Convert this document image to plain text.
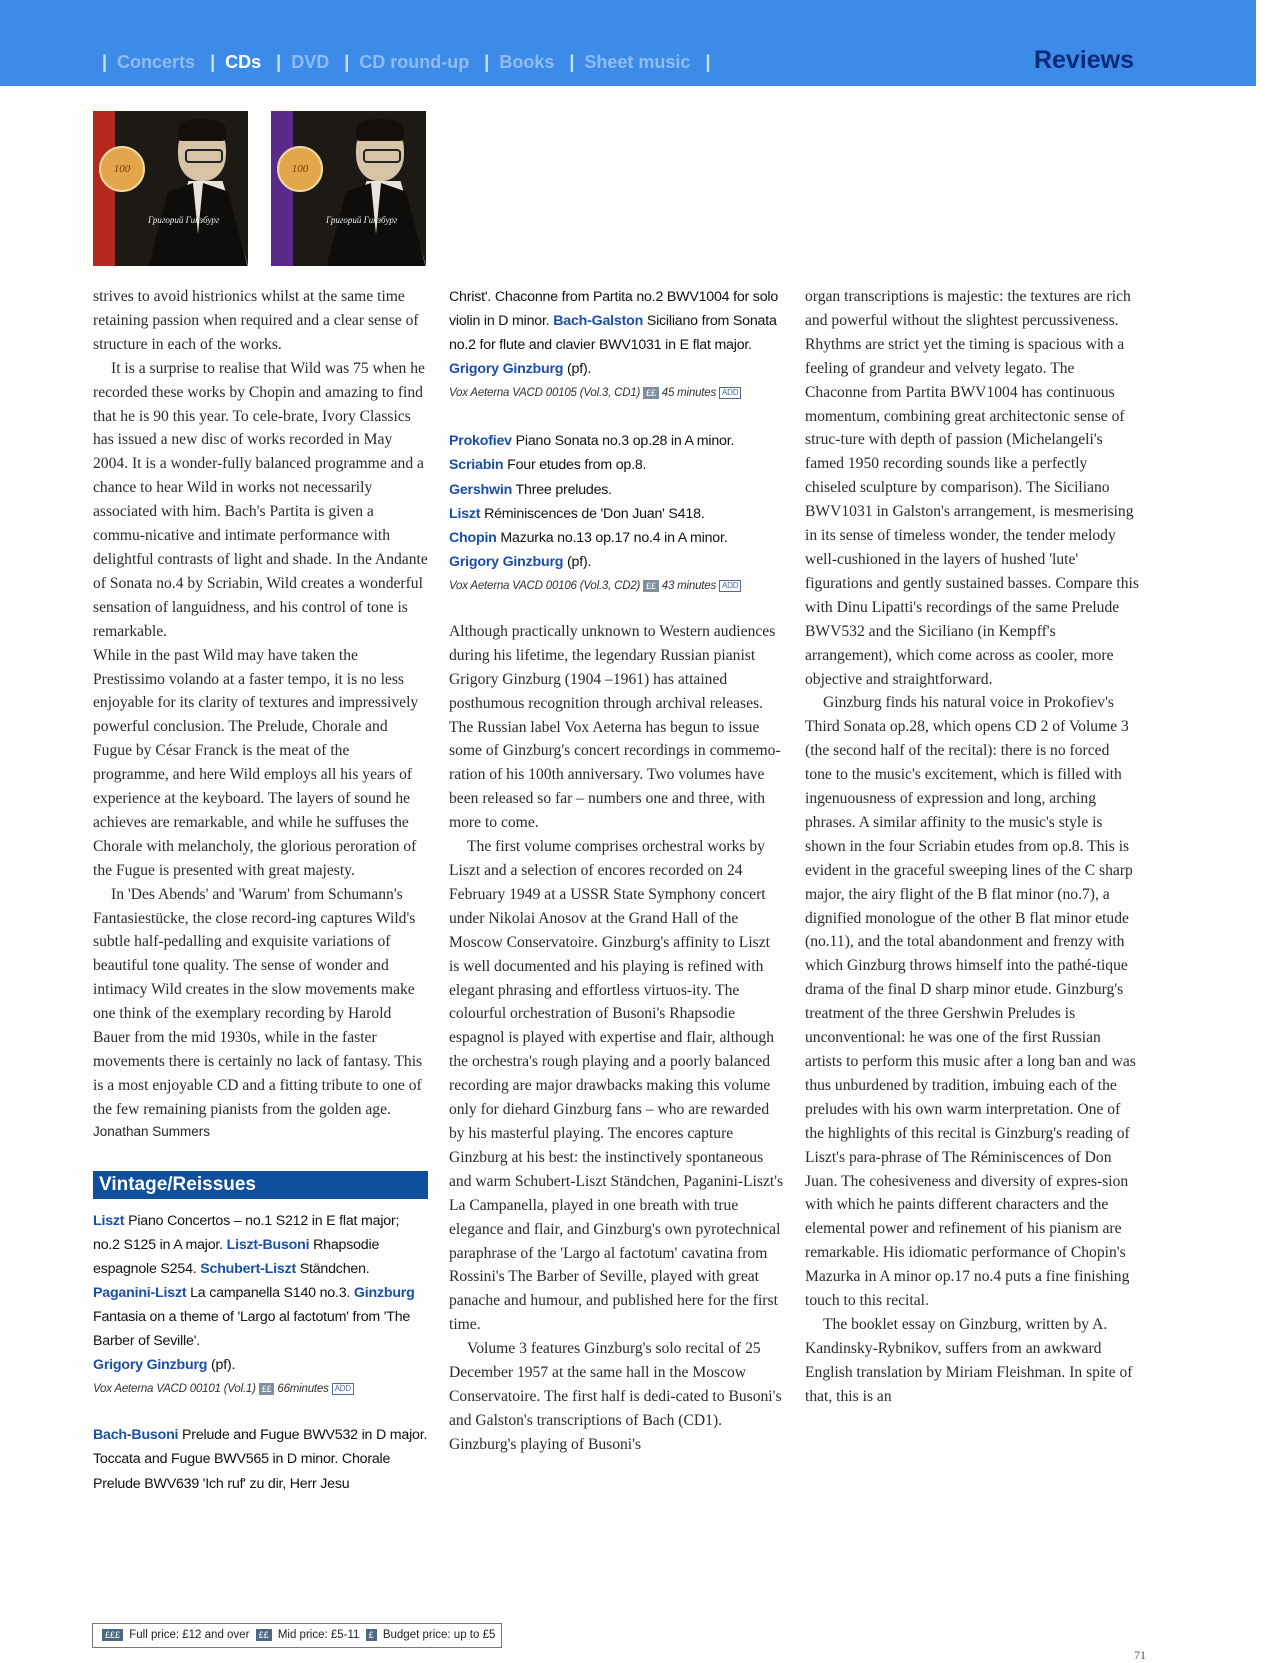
| Concerts | CDs | DVD | CD round-up | Books | Sheet music |	Reviews
100
Григорий Гинзбург
100
Григорий Гинзбург

strives to avoid histrionics whilst at the same time retaining passion when required and a clear sense of structure in each of the works.

It is a surprise to realise that Wild was 75 when he recorded these works by Chopin and amazing to find that he is 90 this year. To cele-brate, Ivory Classics has issued a new disc of works recorded in May 2004. It is a wonder-fully balanced programme and a chance to hear Wild in works not necessarily associated with him. Bach's Partita is given a commu-nicative and intimate performance with delightful contrasts of light and shade. In the Andante of Sonata no.4 by Scriabin, Wild creates a wonderful sensation of languidness, and his control of tone is remarkable.

While in the past Wild may have taken the Prestissimo volando at a faster tempo, it is no less enjoyable for its clarity of textures and impressively powerful conclusion. The Prelude, Chorale and Fugue by César Franck is the meat of the programme, and here Wild employs all his years of experience at the keyboard. The layers of sound he achieves are remarkable, and while he suffuses the Chorale with melancholy, the glorious peroration of the Fugue is presented with great majesty.

In 'Des Abends' and 'Warum' from Schumann's Fantasiestücke, the close record-ing captures Wild's subtle half-pedalling and exquisite variations of beautiful tone quality. The sense of wonder and intimacy Wild creates in the slow movements make one think of the exemplary recording by Harold Bauer from the mid 1930s, while in the faster movements there is certainly no lack of fantasy. This is a most enjoyable CD and a fitting tribute to one of the few remaining pianists from the golden age.

Jonathan Summers
Vintage/Reissues
Liszt Piano Concertos – no.1 S212 in E flat major; no.2 S125 in A major. Liszt-Busoni Rhapsodie espagnole S254. Schubert-Liszt Ständchen. Paganini-Liszt La campanella S140 no.3. Ginzburg Fantasia on a theme of 'Largo al factotum' from 'The Barber of Seville'.
Grigory Ginzburg (pf).
Vox Aeterna VACD 00101 (Vol.1) ££ 66minutes ADD
Bach-Busoni Prelude and Fugue BWV532 in D major. Toccata and Fugue BWV565 in D minor. Chorale Prelude BWV639 'Ich ruf' zu dir, Herr Jesu
Christ'. Chaconne from Partita no.2 BWV1004 for solo violin in D minor. Bach-Galston Siciliano from Sonata no.2 for flute and clavier BWV1031 in E flat major.
Grigory Ginzburg (pf).
Vox Aeterna VACD 00105 (Vol.3, CD1) ££ 45 minutes ADD
Prokofiev Piano Sonata no.3 op.28 in A minor.
Scriabin Four etudes from op.8.
Gershwin Three preludes.
Liszt Réminiscences de 'Don Juan' S418.
Chopin Mazurka no.13 op.17 no.4 in A minor.
Grigory Ginzburg (pf).
Vox Aeterna VACD 00106 (Vol.3, CD2) ££ 43 minutes ADD

Although practically unknown to Western audiences during his lifetime, the legendary Russian pianist Grigory Ginzburg (1904 –1961) has attained posthumous recognition through archival releases. The Russian label Vox Aeterna has begun to issue some of Ginzburg's concert recordings in commemo-ration of his 100th anniversary. Two volumes have been released so far – numbers one and three, with more to come.

The first volume comprises orchestral works by Liszt and a selection of encores recorded on 24 February 1949 at a USSR State Symphony concert under Nikolai Anosov at the Grand Hall of the Moscow Conservatoire. Ginzburg's affinity to Liszt is well documented and his playing is refined with elegant phrasing and effortless virtuos-ity. The colourful orchestration of Busoni's Rhapsodie espagnol is played with expertise and flair, although the orchestra's rough playing and a poorly balanced recording are major drawbacks making this volume only for diehard Ginzburg fans – who are rewarded by his masterful playing. The encores capture Ginzburg at his best: the instinctively spontaneous and warm Schubert-Liszt Ständchen, Paganini-Liszt's La Campanella, played in one breath with true elegance and flair, and Ginzburg's own pyrotechnical paraphrase of the 'Largo al factotum' cavatina from Rossini's The Barber of Seville, played with great panache and humour, and published here for the first time.

Volume 3 features Ginzburg's solo recital of 25 December 1957 at the same hall in the Moscow Conservatoire. The first half is dedi-cated to Busoni's and Galston's transcriptions of Bach (CD1). Ginzburg's playing of Busoni's

organ transcriptions is majestic: the textures are rich and powerful without the slightest percussiveness. Rhythms are strict yet the timing is spacious with a feeling of grandeur and velvety legato. The Chaconne from Partita BWV1004 has continuous momentum, combining great architectonic sense of struc-ture with depth of passion (Michelangeli's famed 1950 recording sounds like a perfectly chiseled sculpture by comparison). The Siciliano BWV1031 in Galston's arrangement, is mesmerising in its sense of timeless wonder, the tender melody well-cushioned in the layers of hushed 'lute' figurations and gently sustained basses. Compare this with Dinu Lipatti's recordings of the same Prelude BWV532 and the Siciliano (in Kempff's arrangement), which come across as cooler, more objective and straightforward.

Ginzburg finds his natural voice in Prokofiev's Third Sonata op.28, which opens CD 2 of Volume 3 (the second half of the recital): there is no forced tone to the music's excitement, which is filled with ingenuousness of expression and long, arching phrases. A similar affinity to the music's style is shown in the four Scriabin etudes from op.8. This is evident in the graceful sweeping lines of the C sharp major, the airy flight of the B flat minor (no.7), a dignified monologue of the other B flat minor etude (no.11), and the total abandonment and frenzy with which Ginzburg throws himself into the pathé-tique drama of the final D sharp minor etude. Ginzburg's treatment of the three Gershwin Preludes is unconventional: he was one of the first Russian artists to perform this music after a long ban and was thus unburdened by tradition, imbuing each of the preludes with his own warm interpretation. One of the highlights of this recital is Ginzburg's reading of Liszt's para-phrase of The Réminiscences of Don Juan. The cohesiveness and diversity of expres-sion with which he paints different characters and the elemental power and refinement of his pianism are remarkable. His idiomatic performance of Chopin's Mazurka in A minor op.17 no.4 puts a fine finishing touch to this recital.

The booklet essay on Ginzburg, written by A. Kandinsky-Rybnikov, suffers from an awkward English translation by Miriam Fleishman. In spite of that, this is an

£££ Full price: £12 and over ££ Mid price: £5-11 £ Budget price: up to £5
71
